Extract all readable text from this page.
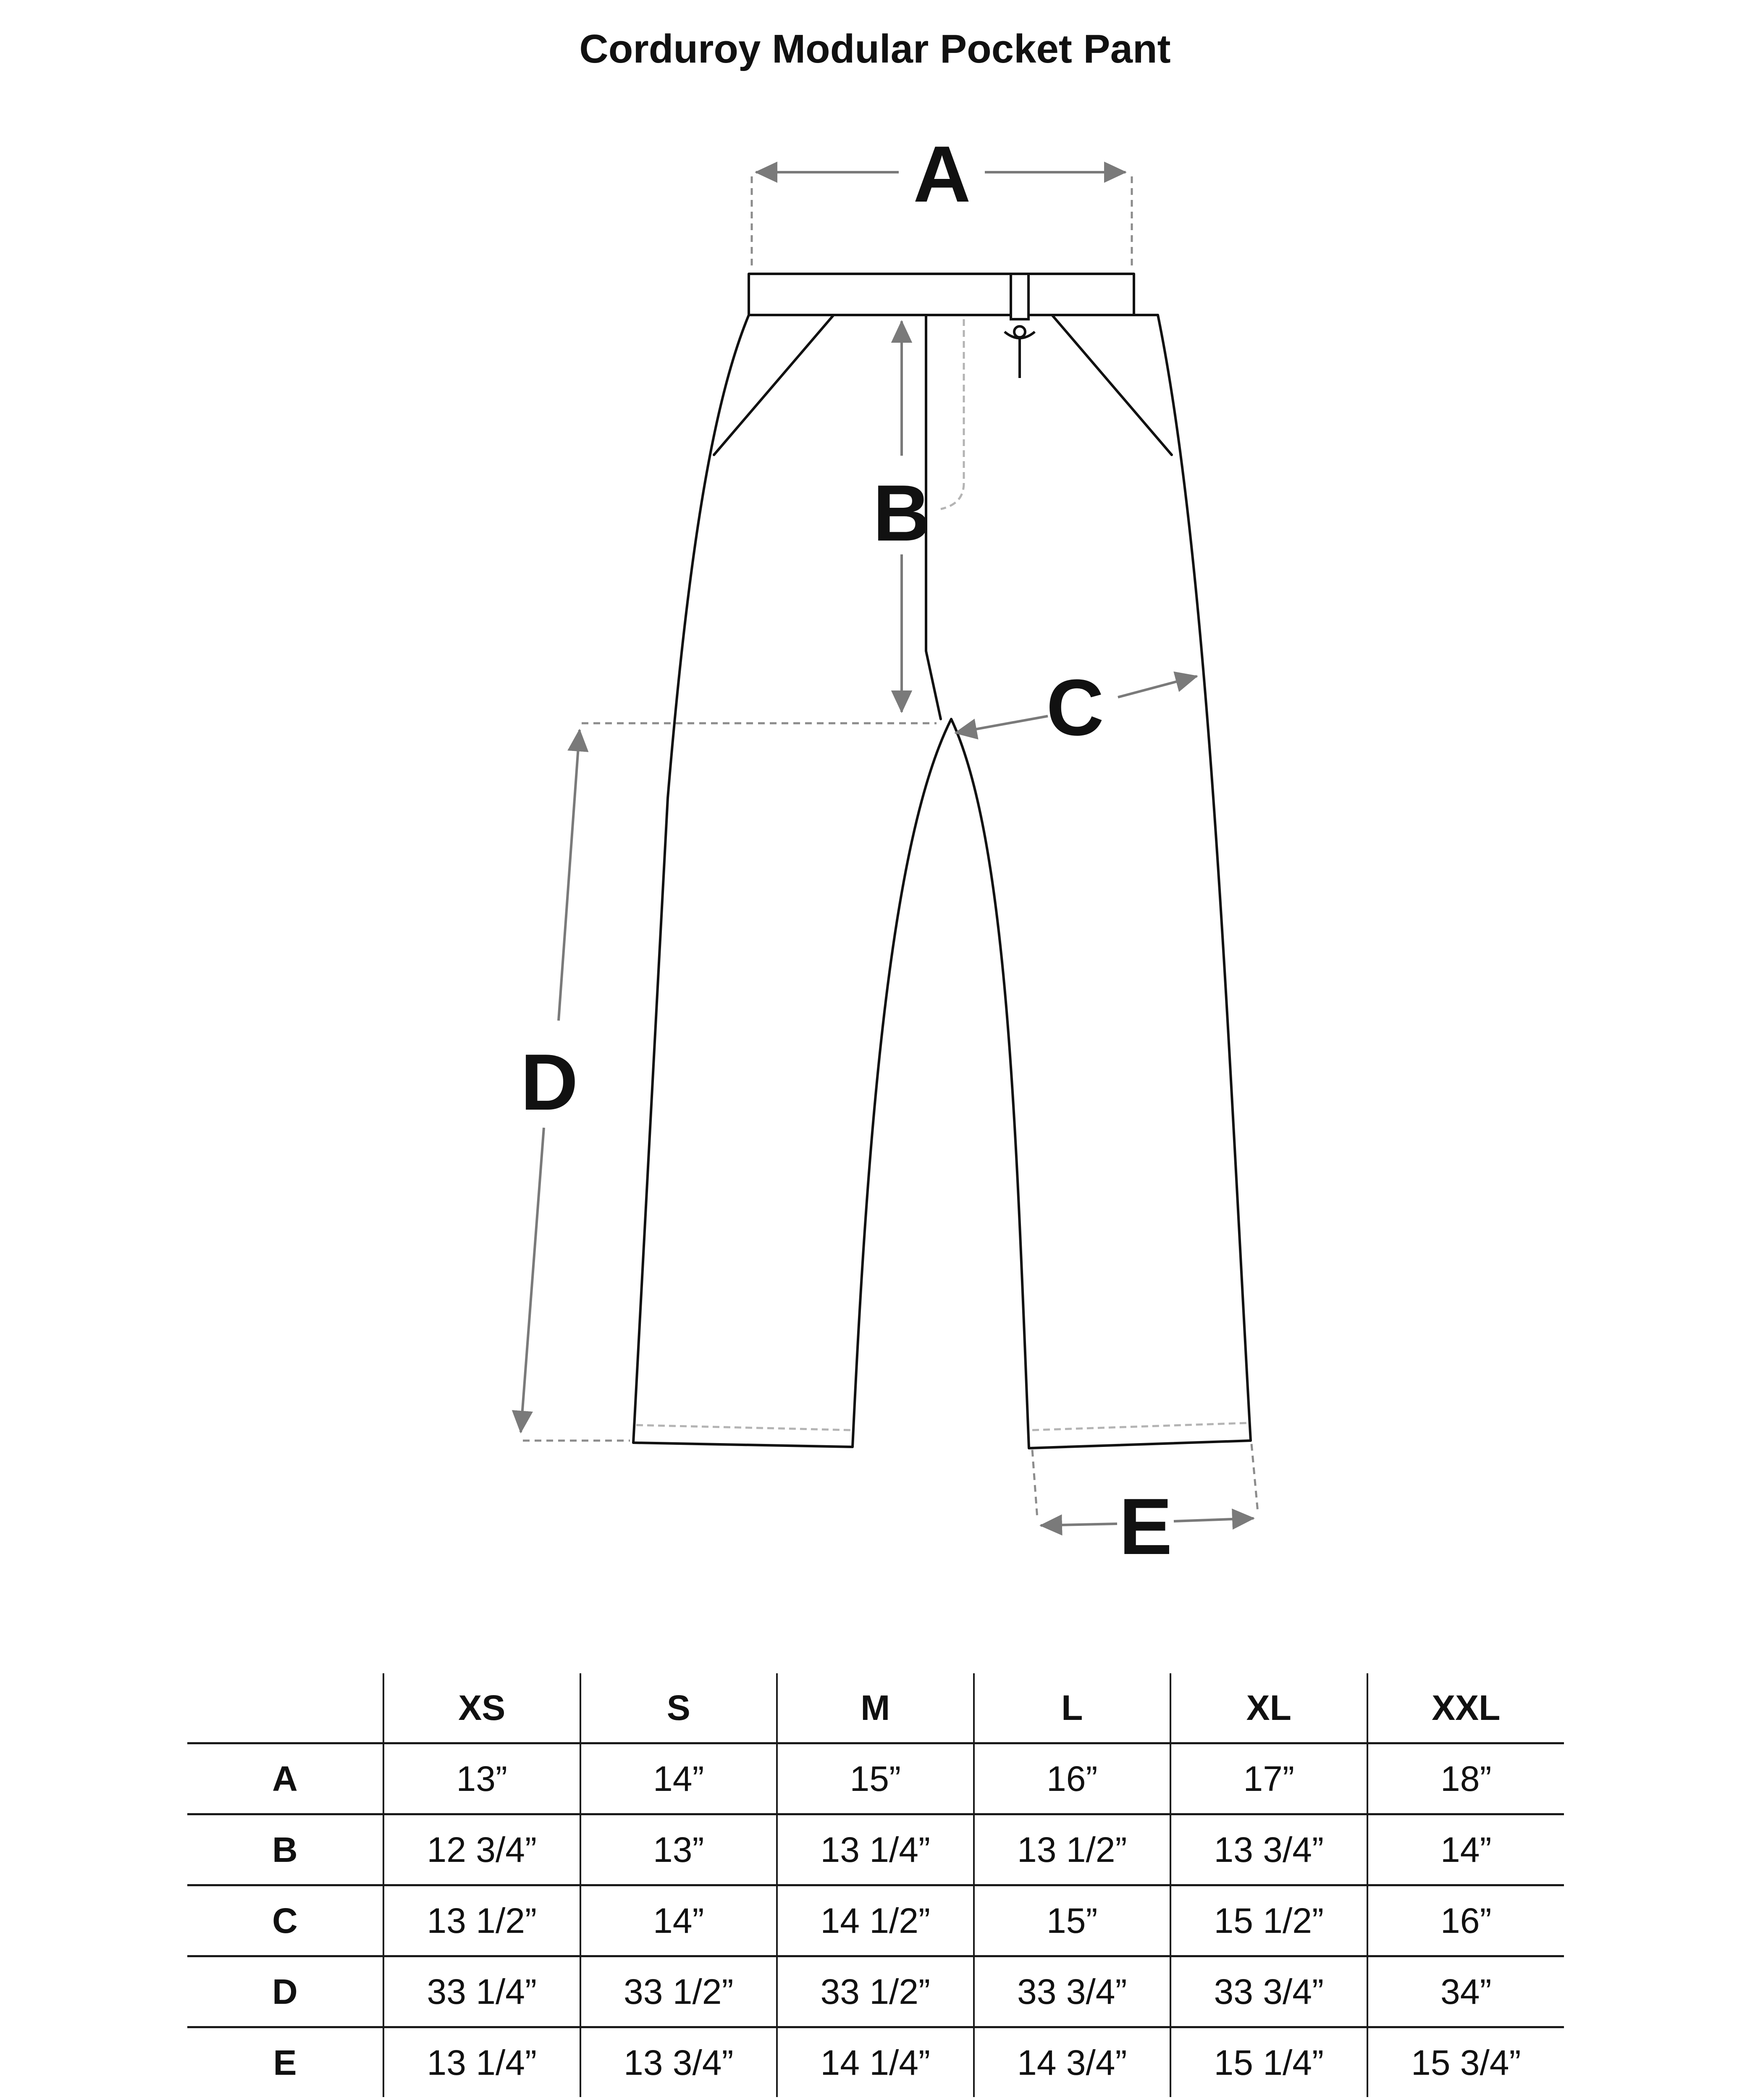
Corduroy Modular Pocket Pant
A
B
C
D
E
	XS	S	M	L	XL	XXL
A	13”	14”	15”	16”	17”	18”
B	12 3/4”	13”	13 1/4”	13 1/2”	13 3/4”	14”
C	13 1/2”	14”	14 1/2”	15”	15 1/2”	16”
D	33 1/4”	33 1/2”	33 1/2”	33 3/4”	33 3/4”	34”
E	13 1/4”	13 3/4”	14 1/4”	14 3/4”	15 1/4”	15 3/4”
